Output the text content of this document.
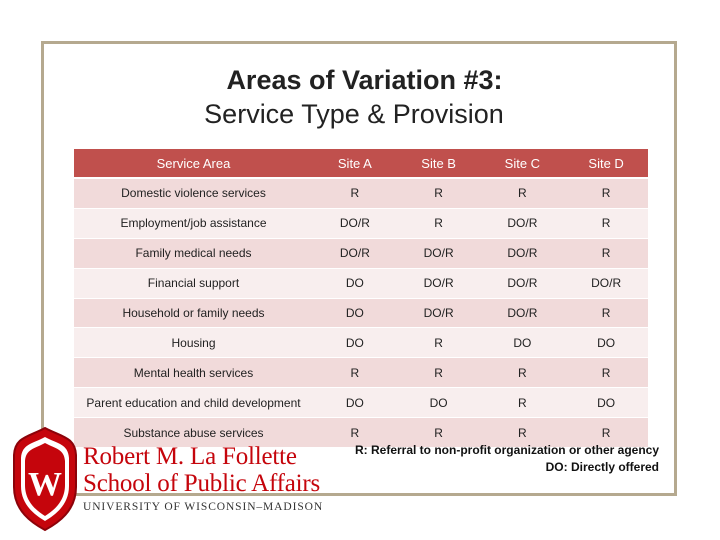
Areas of Variation #3:
Service Type & Provision
Service Area	Site A	Site B	Site C	Site D
Domestic violence services	R	R	R	R
Employment/job assistance	DO/R	R	DO/R	R
Family medical needs	DO/R	DO/R	DO/R	R
Financial support	DO	DO/R	DO/R	DO/R
Household or family needs	DO	DO/R	DO/R	R
Housing	DO	R	DO	DO
Mental health services	R	R	R	R
Parent education and child development	DO	DO	R	DO
Substance abuse services	R	R	R	R
R: Referral to non-profit organization or other agency
DO: Directly offered
W
Robert M. La Follette
School of Public Affairs
UNIVERSITY OF WISCONSIN–MADISON
